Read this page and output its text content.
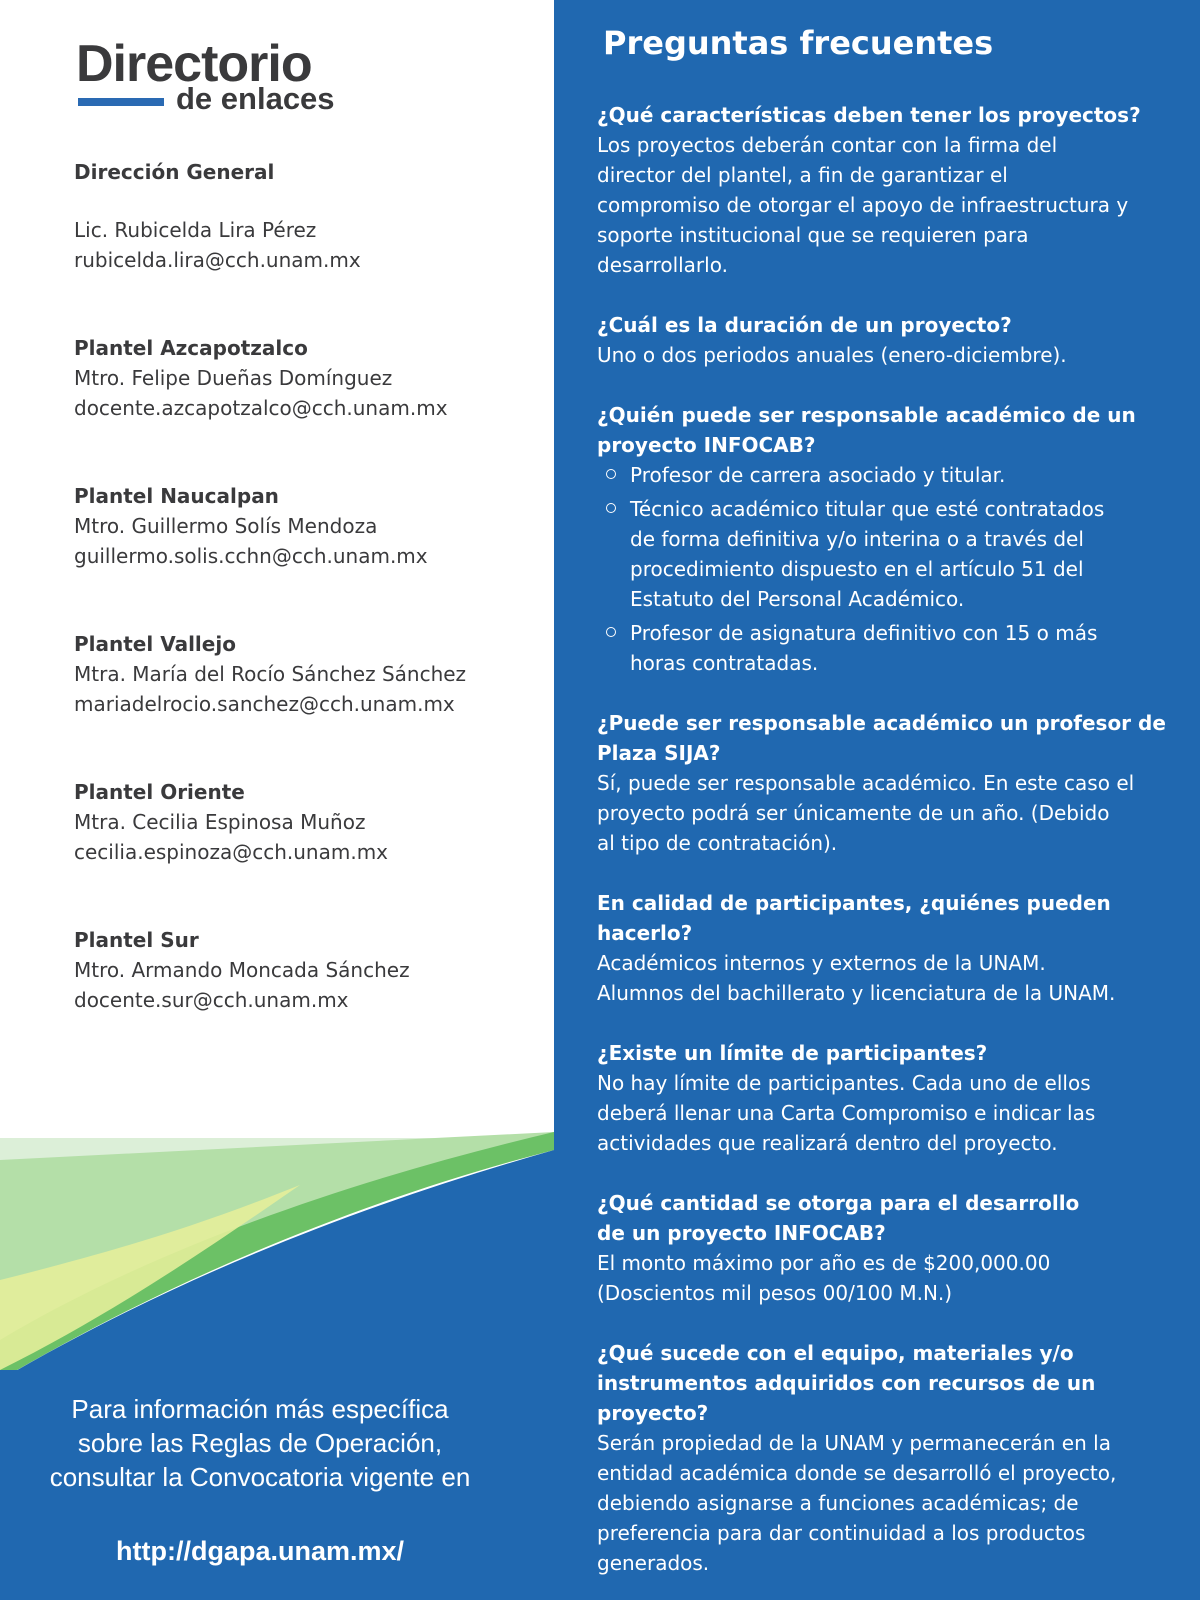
Directorio
de enlaces
Dirección General
Lic. Rubicelda Lira Pérez
rubicelda.lira@cch.unam.mx
Plantel Azcapotzalco
Mtro. Felipe Dueñas Domínguez
docente.azcapotzalco@cch.unam.mx
Plantel Naucalpan
Mtro. Guillermo Solís Mendoza
guillermo.solis.cchn@cch.unam.mx
Plantel Vallejo
Mtra. María del Rocío Sánchez Sánchez
mariadelrocio.sanchez@cch.unam.mx
Plantel Oriente
Mtra. Cecilia Espinosa Muñoz
cecilia.espinoza@cch.unam.mx
Plantel Sur
Mtro. Armando Moncada Sánchez
docente.sur@cch.unam.mx
Para información más específica
sobre las Reglas de Operación,
consultar la Convocatoria vigente en
http://dgapa.unam.mx/
Preguntas frecuentes
¿Qué características deben tener los proyectos?
Los proyectos deberán contar con la firma del
director del plantel, a fin de garantizar el
compromiso de otorgar el apoyo de infraestructura y
soporte institucional que se requieren para
desarrollarlo.
¿Cuál es la duración de un proyecto?
Uno o dos periodos anuales (enero-diciembre).
¿Quién puede ser responsable académico de un
proyecto INFOCAB?
Profesor de carrera asociado y titular.
Técnico académico titular que esté contratados
de forma definitiva y/o interina o a través del
procedimiento dispuesto en el artículo 51 del
Estatuto del Personal Académico.
Profesor de asignatura definitivo con 15 o más
horas contratadas.
¿Puede ser responsable académico un profesor de
Plaza SIJA?
Sí, puede ser responsable académico. En este caso el
proyecto podrá ser únicamente de un año. (Debido
al tipo de contratación).
En calidad de participantes, ¿quiénes pueden
hacerlo?
Académicos internos y externos de la UNAM.
Alumnos del bachillerato y licenciatura de la UNAM.
¿Existe un límite de participantes?
No hay límite de participantes. Cada uno de ellos
deberá llenar una Carta Compromiso e indicar las
actividades que realizará dentro del proyecto.
¿Qué cantidad se otorga para el desarrollo
de un proyecto INFOCAB?
El monto máximo por año es de $200,000.00
(Doscientos mil pesos 00/100 M.N.)
¿Qué sucede con el equipo, materiales y/o
instrumentos adquiridos con recursos de un
proyecto?
Serán propiedad de la UNAM y permanecerán en la
entidad académica donde se desarrolló el proyecto,
debiendo asignarse a funciones académicas; de
preferencia para dar continuidad a los productos
generados.
